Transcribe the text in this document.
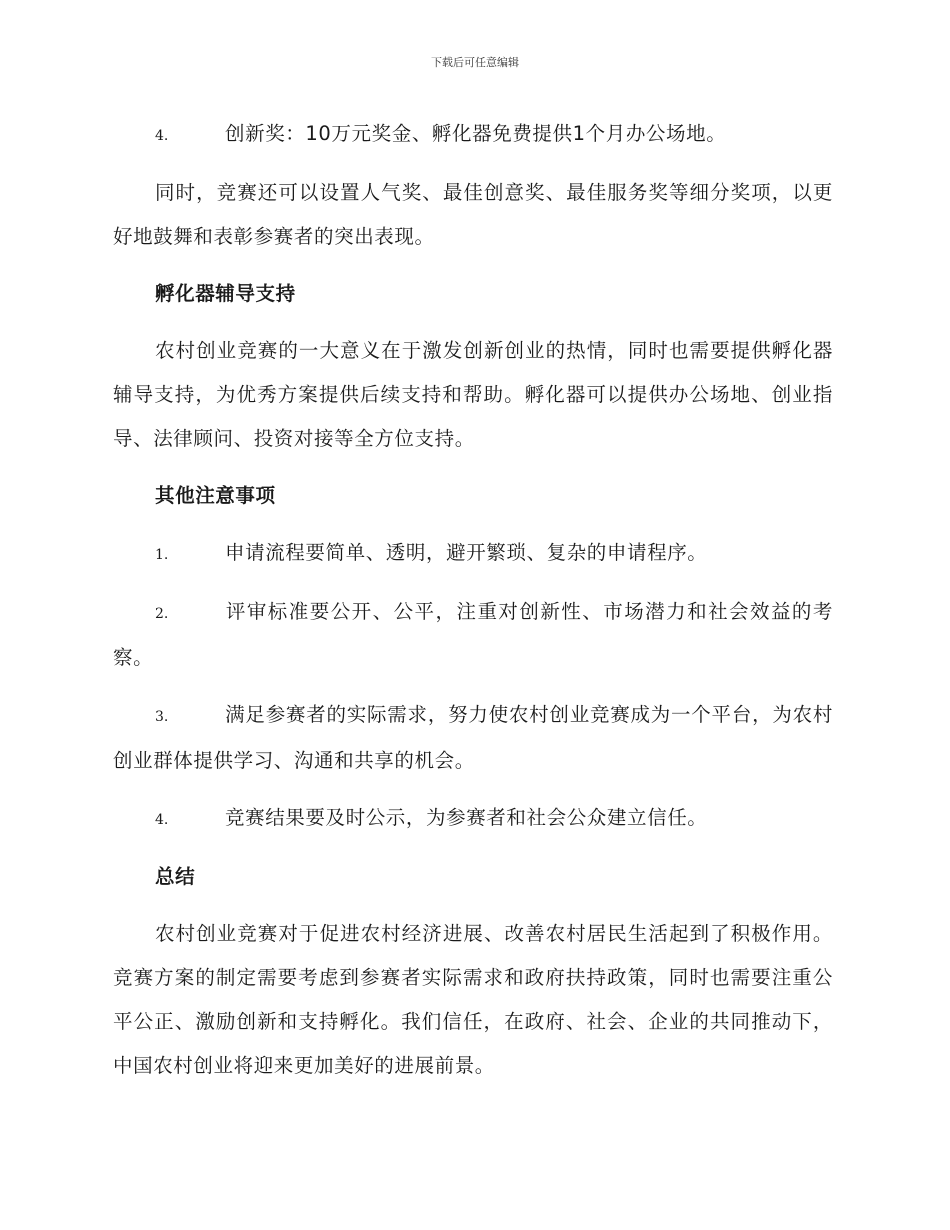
下载后可任意编辑

4.	创新奖：10万元奖金、孵化器免费提供1个月办公场地。

同时，竞赛还可以设置人气奖、最佳创意奖、最佳服务奖等细分奖项，以更好地鼓舞和表彰参赛者的突出表现。

孵化器辅导支持

农村创业竞赛的一大意义在于激发创新创业的热情，同时也需要提供孵化器辅导支持，为优秀方案提供后续支持和帮助。孵化器可以提供办公场地、创业指导、法律顾问、投资对接等全方位支持。

其他注意事项

1.	申请流程要简单、透明，避开繁琐、复杂的申请程序。

2.	评审标准要公开、公平，注重对创新性、市场潜力和社会效益的考察。

3.	满足参赛者的实际需求，努力使农村创业竞赛成为一个平台，为农村创业群体提供学习、沟通和共享的机会。

4.	竞赛结果要及时公示，为参赛者和社会公众建立信任。

总结

农村创业竞赛对于促进农村经济进展、改善农村居民生活起到了积极作用。竞赛方案的制定需要考虑到参赛者实际需求和政府扶持政策，同时也需要注重公平公正、激励创新和支持孵化。我们信任，在政府、社会、企业的共同推动下，中国农村创业将迎来更加美好的进展前景。
